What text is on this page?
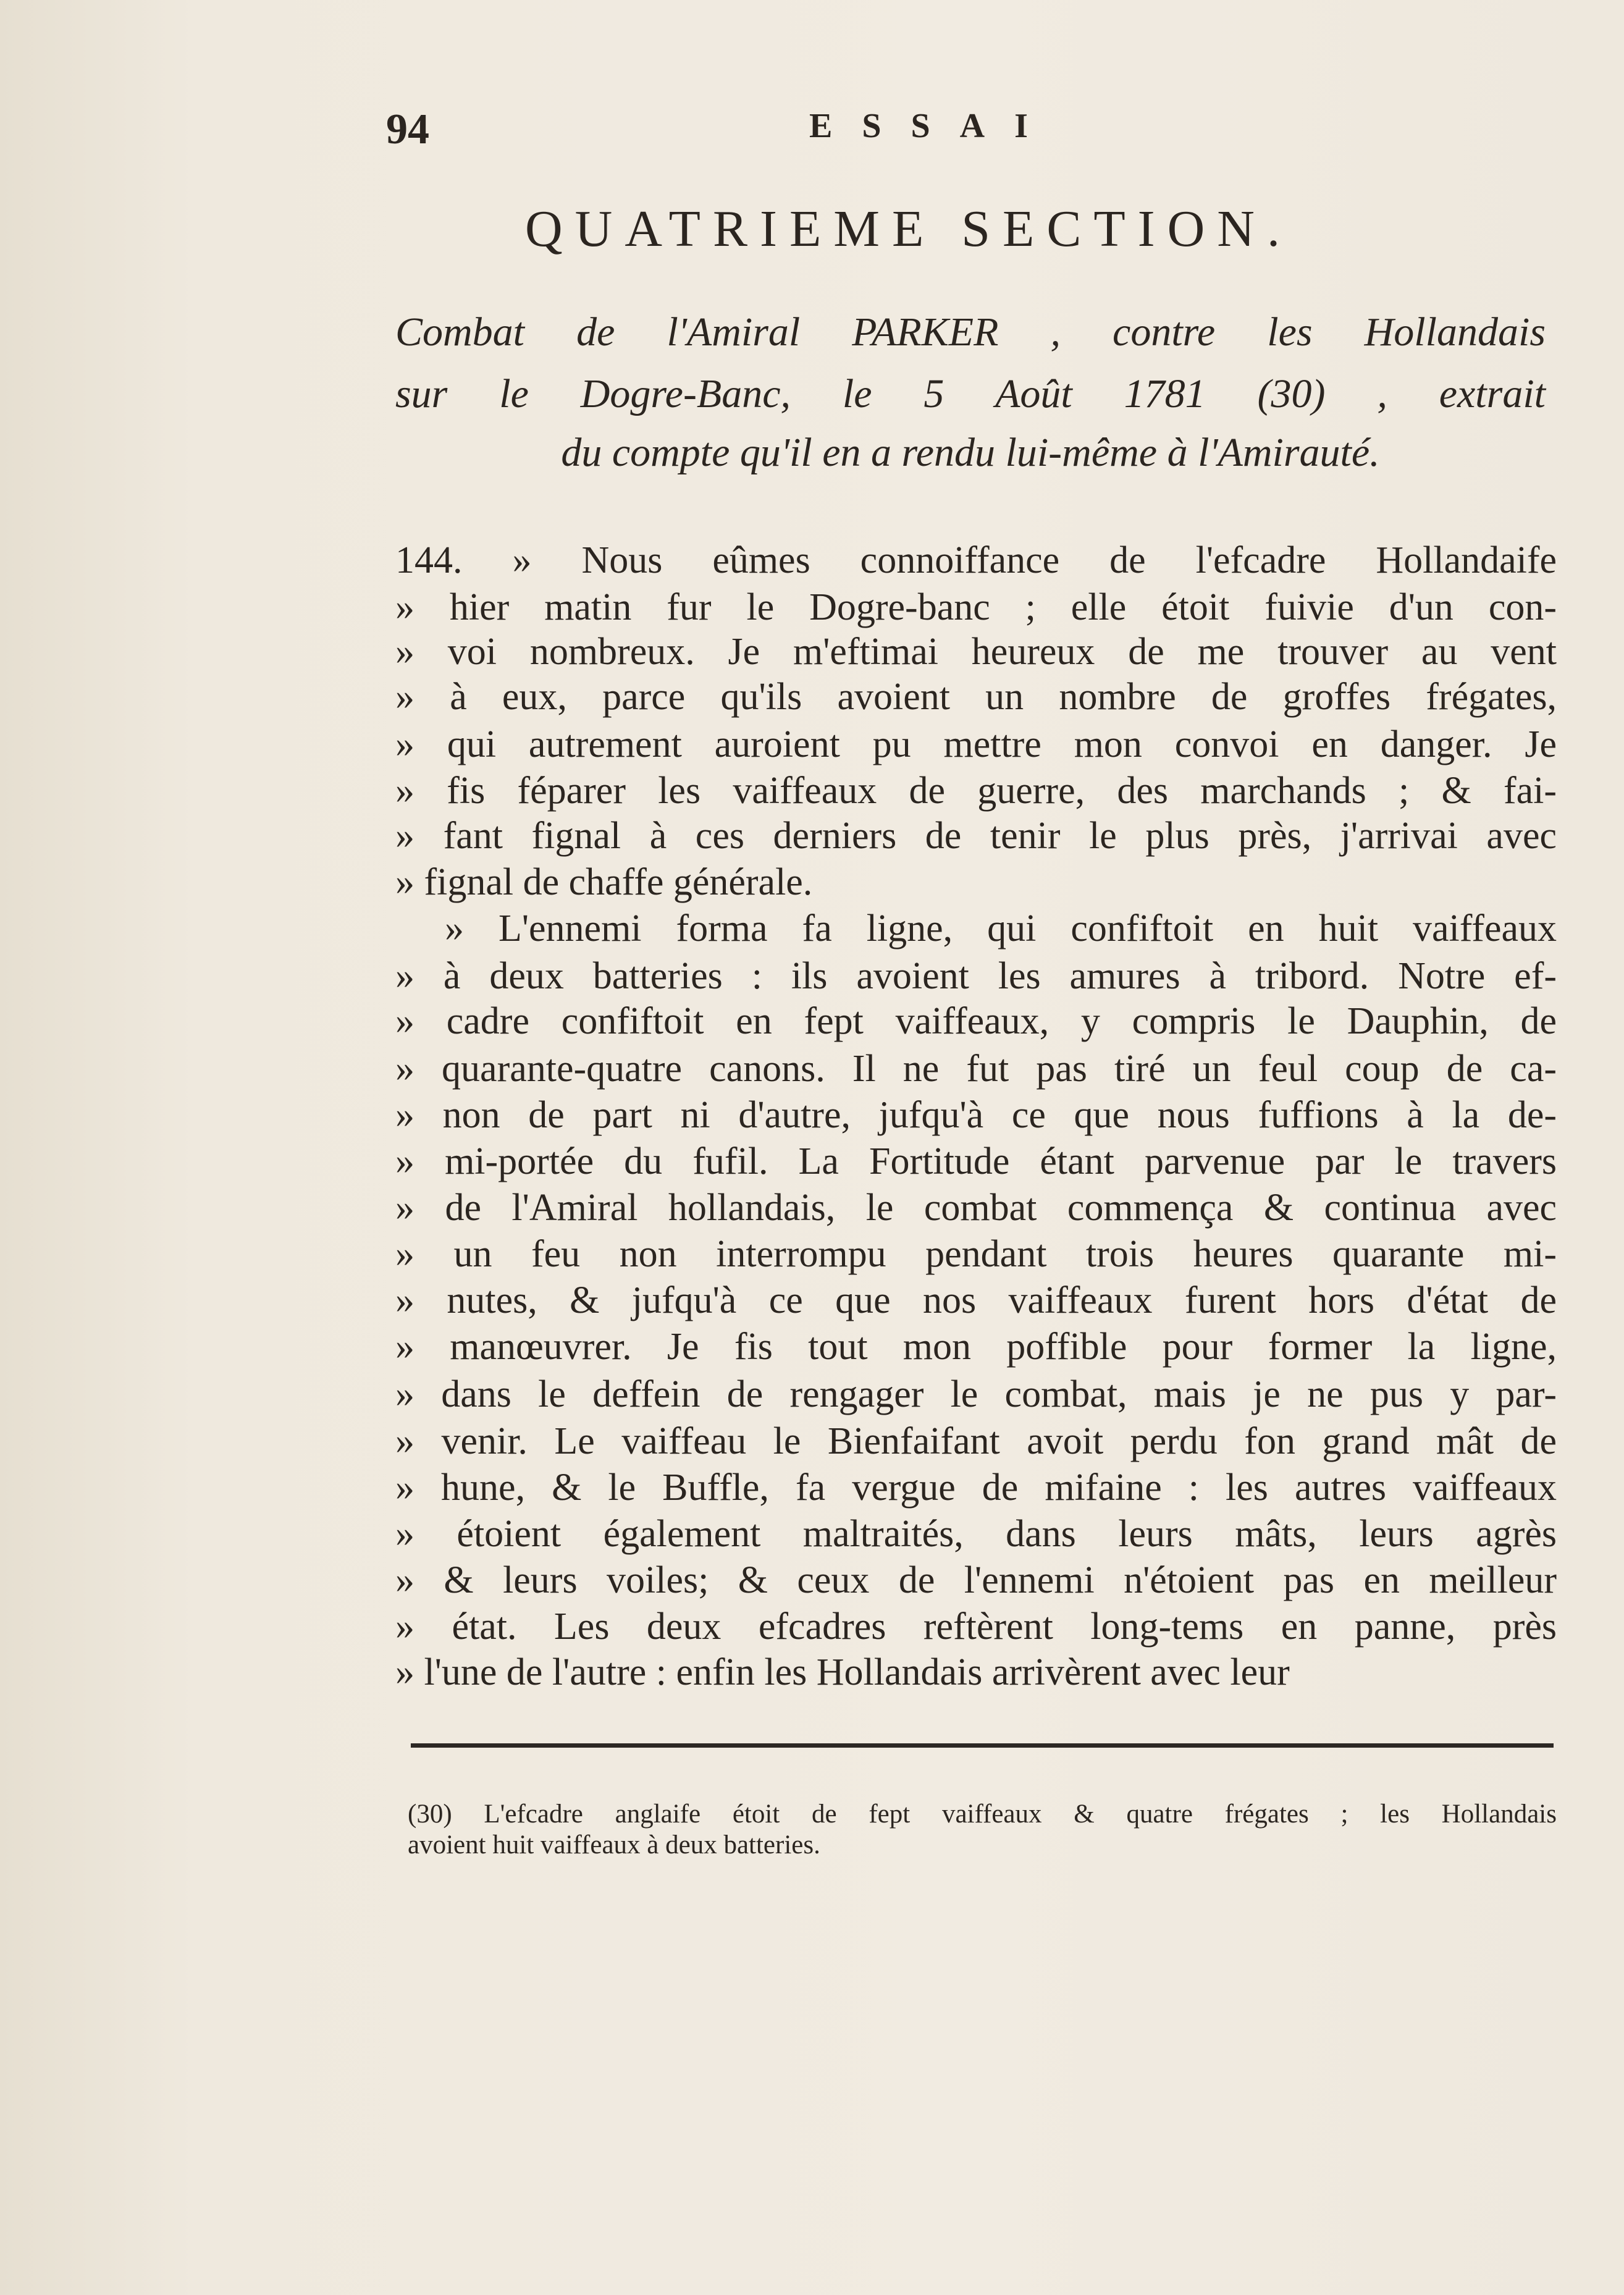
94	ESSAI
QUATRIEME SECTION.
Combat de l'Amiral PARKER , contre les Hollandais
sur le Dogre-Banc, le 5 Août 1781 (30) , extrait
du compte qu'il en a rendu lui-même à l'Amirauté.
144. » Nous eûmes connoiffance de l'efcadre Hollandaife
» hier matin fur le Dogre-banc ; elle étoit fuivie d'un con-
» voi nombreux. Je m'eftimai heureux de me trouver au vent
» à eux, parce qu'ils avoient un nombre de groffes frégates,
» qui autrement auroient pu mettre mon convoi en danger. Je
» fis féparer les vaiffeaux de guerre, des marchands ; & fai-
» fant fignal à ces derniers de tenir le plus près, j'arrivai avec
» fignal de chaffe générale.
» L'ennemi forma fa ligne, qui confiftoit en huit vaiffeaux
» à deux batteries : ils avoient les amures à tribord. Notre ef-
» cadre confiftoit en fept vaiffeaux, y compris le Dauphin, de
» quarante-quatre canons. Il ne fut pas tiré un feul coup de ca-
» non de part ni d'autre, jufqu'à ce que nous fuffions à la de-
» mi-portée du fufil. La Fortitude étant parvenue par le travers
» de l'Amiral hollandais, le combat commença & continua avec
» un feu non interrompu pendant trois heures quarante mi-
» nutes, & jufqu'à ce que nos vaiffeaux furent hors d'état de
» manœuvrer. Je fis tout mon poffible pour former la ligne,
» dans le deffein de rengager le combat, mais je ne pus y par-
» venir. Le vaiffeau le Bienfaifant avoit perdu fon grand mât de
» hune, & le Buffle, fa vergue de mifaine : les autres vaiffeaux
» étoient également maltraités, dans leurs mâts, leurs agrès
» & leurs voiles; & ceux de l'ennemi n'étoient pas en meilleur
» état. Les deux efcadres reftèrent long-tems en panne, près
» l'une de l'autre : enfin les Hollandais arrivèrent avec leur
(30) L'efcadre anglaife étoit de fept vaiffeaux & quatre frégates ; les Hollandais
avoient huit vaiffeaux à deux batteries.
